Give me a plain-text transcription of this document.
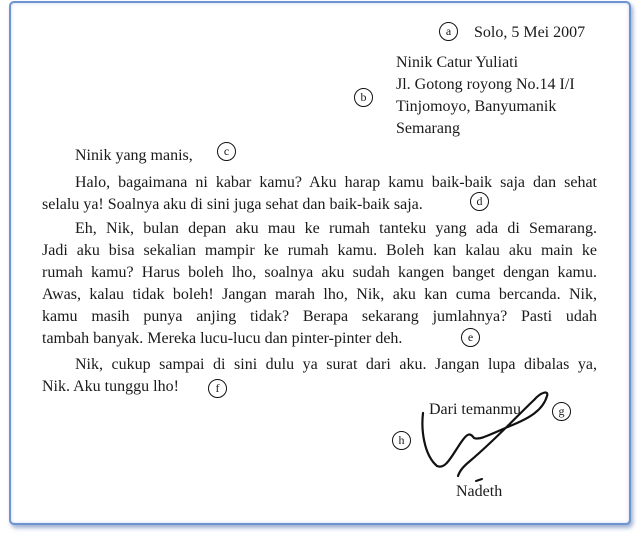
a	Solo, 5 Mei 2007
Ninik Catur Yuliati
Jl. Gotong royong No.14 I/I
b
Tinjomoyo, Banyumanik
Semarang
Ninik yang manis,	c
Halo, bagaimana ni kabar kamu? Aku harap kamu baik-baik saja dan sehat
selalu ya! Soalnya aku di sini juga sehat dan baik-baik saja.	d
Eh, Nik, bulan depan aku mau ke rumah tanteku yang ada di Semarang.
Jadi aku bisa sekalian mampir ke rumah kamu. Boleh kan kalau aku main ke
rumah kamu? Harus boleh lho, soalnya aku sudah kangen banget dengan kamu.
Awas, kalau tidak boleh! Jangan marah lho, Nik, aku kan cuma bercanda. Nik,
kamu masih punya anjing tidak? Berapa sekarang jumlahnya? Pasti udah
tambah banyak. Mereka lucu-lucu dan pinter-pinter deh.	e
Nik, cukup sampai di sini dulu ya surat dari aku. Jangan lupa dibalas ya,
Nik. Aku tunggu lho!	f
Dari temanmu	g
h
Nadeth
